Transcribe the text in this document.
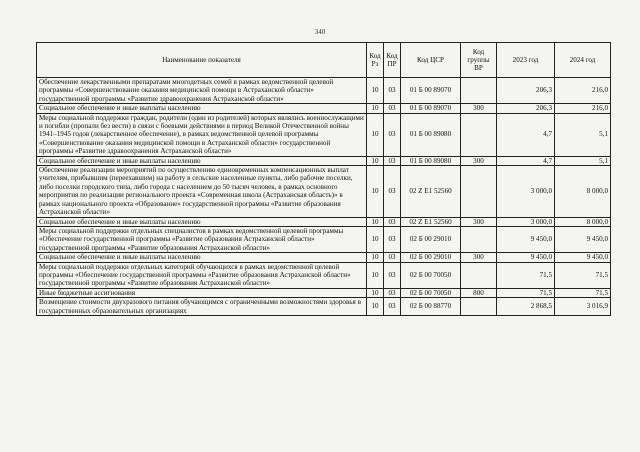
340
Наименование показателя	Код Рз	Код ПР	Код ЦСР	Код группы ВР	2023 год	2024 год
Обеспечение лекарственными препаратами многодетных семей в рамках ведомственной целевой программы «Совершенствование оказания медицинской помощи в Астраханской области» государственной программы «Развитие здравоохранения Астраханской области»	10	03	01 Б 00 89070		206,3	216,0
Социальное обеспечение и иные выплаты населению	10	03	01 Б 00 89070	300	206,3	216,0
Меры социальной поддержки граждан, родители (один из родителей) которых являлись военнослужащими и погибли (пропали без вести) в связи с боевыми действиями в период Великой Отечественной войны 1941–1945 годов (лекарственное обеспечение), в рамках ведомственной целевой программы «Совершенствование оказания медицинской помощи в Астраханской области» государственной программы «Развитие здравоохранения Астраханской области»	10	03	01 Б 00 89080		4,7	5,1
Социальное обеспечение и иные выплаты населению	10	03	01 Б 00 89080	300	4,7	5,1
Обеспечение реализации мероприятий по осуществлению единовременных компенсационных выплат учителям, прибывшим (переехавшим) на работу в сельские населенные пункты, либо рабочие поселки, либо поселки городского типа, либо города с населением до 50 тысяч человек, в рамках основного мероприятия по реализации регионального проекта «Современная школа (Астраханская область)» в рамках национального проекта «Образование» государственной программы «Развитие образования Астраханской области»	10	03	02 Z E1 52560		3 000,0	8 000,0
Социальное обеспечение и иные выплаты населению	10	03	02 Z E1 52560	300	3 000,0	8 000,0
Меры социальной поддержки отдельных специалистов в рамках ведомственной целевой программы «Обеспечение государственной программы «Развитие образования Астраханской области» государственной программы «Развитие образования Астраханской области»	10	03	02 Б 00 29010		9 450,0	9 450,0
Социальное обеспечение и иные выплаты населению	10	03	02 Б 00 29010	300	9 450,0	9 450,0
Меры социальной поддержки отдельных категорий обучающихся в рамках ведомственной целевой программы «Обеспечение государственной программы «Развитие образования Астраханской области» государственной программы «Развитие образования Астраханской области»	10	03	02 Б 00 70050		71,5	71,5
Иные бюджетные ассигнования	10	03	02 Б 00 70050	800	71,5	71,5
Возмещение стоимости двухразового питания обучающимся с ограниченными возможностями здоровья в государственных образовательных организациях	10	03	02 Б 00 88770		2 868,5	3 016,9
